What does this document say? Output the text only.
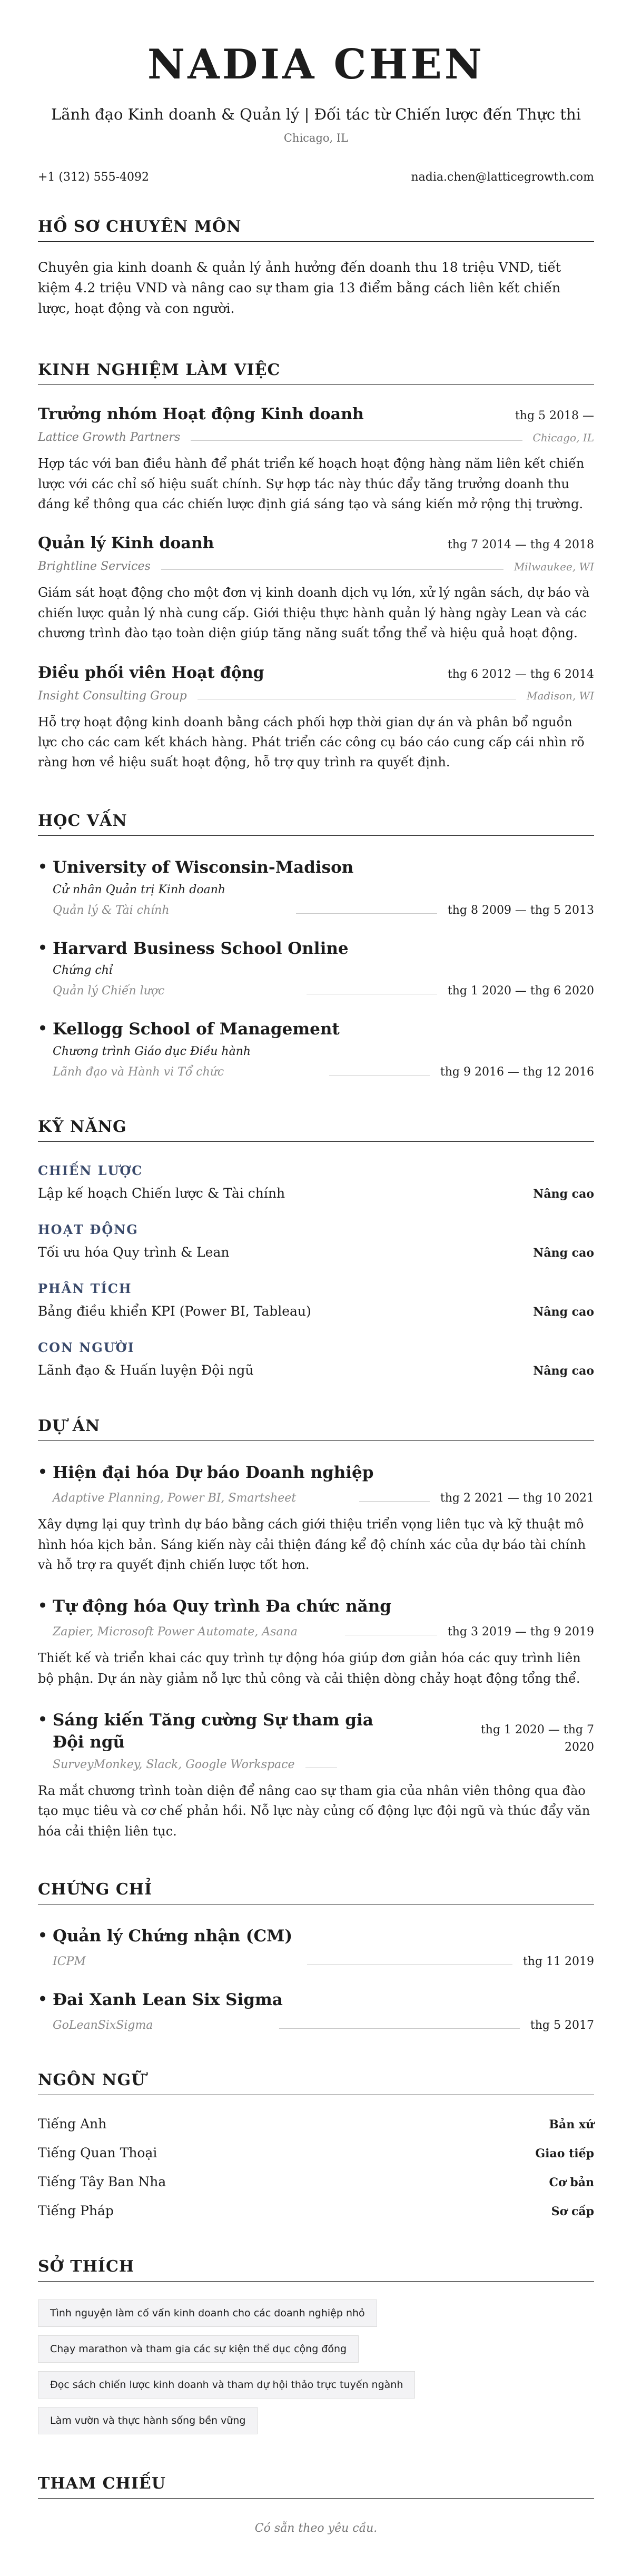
NADIA CHEN
Lãnh đạo Kinh doanh & Quản lý | Đối tác từ Chiến lược đến Thực thi
Chicago, IL
+1 (312) 555-4092	nadia.chen@latticegrowth.com
HỒ SƠ CHUYÊN MÔN
Chuyên gia kinh doanh & quản lý ảnh hưởng đến doanh thu 18 triệu VND, tiết kiệm 4.2 triệu VND và nâng cao sự tham gia 13 điểm bằng cách liên kết chiến lược, hoạt động và con người.
KINH NGHIỆM LÀM VIỆC
Trưởng nhóm Hoạt động Kinh doanh	thg 5 2018 —
Lattice Growth Partners	Chicago, IL
Hợp tác với ban điều hành để phát triển kế hoạch hoạt động hàng năm liên kết chiến lược với các chỉ số hiệu suất chính. Sự hợp tác này thúc đẩy tăng trưởng doanh thu đáng kể thông qua các chiến lược định giá sáng tạo và sáng kiến mở rộng thị trường.
Quản lý Kinh doanh	thg 7 2014 — thg 4 2018
Brightline Services	Milwaukee, WI
Giám sát hoạt động cho một đơn vị kinh doanh dịch vụ lớn, xử lý ngân sách, dự báo và chiến lược quản lý nhà cung cấp. Giới thiệu thực hành quản lý hàng ngày Lean và các chương trình đào tạo toàn diện giúp tăng năng suất tổng thể và hiệu quả hoạt động.
Điều phối viên Hoạt động	thg 6 2012 — thg 6 2014
Insight Consulting Group	Madison, WI
Hỗ trợ hoạt động kinh doanh bằng cách phối hợp thời gian dự án và phân bổ nguồn lực cho các cam kết khách hàng. Phát triển các công cụ báo cáo cung cấp cái nhìn rõ ràng hơn về hiệu suất hoạt động, hỗ trợ quy trình ra quyết định.
HỌC VẤN
• University of Wisconsin-Madison
Cử nhân Quản trị Kinh doanh
Quản lý & Tài chính	thg 8 2009 — thg 5 2013
• Harvard Business School Online
Chứng chỉ
Quản lý Chiến lược	thg 1 2020 — thg 6 2020
• Kellogg School of Management
Chương trình Giáo dục Điều hành
Lãnh đạo và Hành vi Tổ chức	thg 9 2016 — thg 12 2016
KỸ NĂNG
CHIẾN LƯỢC
Lập kế hoạch Chiến lược & Tài chính	Nâng cao
HOẠT ĐỘNG
Tối ưu hóa Quy trình & Lean	Nâng cao
PHÂN TÍCH
Bảng điều khiển KPI (Power BI, Tableau)	Nâng cao
CON NGƯỜI
Lãnh đạo & Huấn luyện Đội ngũ	Nâng cao
DỰ ÁN
• Hiện đại hóa Dự báo Doanh nghiệp
Adaptive Planning, Power BI, Smartsheet	thg 2 2021 — thg 10 2021
Xây dựng lại quy trình dự báo bằng cách giới thiệu triển vọng liên tục và kỹ thuật mô hình hóa kịch bản. Sáng kiến này cải thiện đáng kể độ chính xác của dự báo tài chính và hỗ trợ ra quyết định chiến lược tốt hơn.
• Tự động hóa Quy trình Đa chức năng
Zapier, Microsoft Power Automate, Asana	thg 3 2019 — thg 9 2019
Thiết kế và triển khai các quy trình tự động hóa giúp đơn giản hóa các quy trình liên bộ phận. Dự án này giảm nỗ lực thủ công và cải thiện dòng chảy hoạt động tổng thể.
• Sáng kiến Tăng cường Sự tham gia Đội ngũ
thg 1 2020 — thg 7 2020
SurveyMonkey, Slack, Google Workspace
Ra mắt chương trình toàn diện để nâng cao sự tham gia của nhân viên thông qua đào tạo mục tiêu và cơ chế phản hồi. Nỗ lực này củng cố động lực đội ngũ và thúc đẩy văn hóa cải thiện liên tục.
CHỨNG CHỈ
• Quản lý Chứng nhận (CM)
ICPM	thg 11 2019
• Đai Xanh Lean Six Sigma
GoLeanSixSigma	thg 5 2017
NGÔN NGỮ
Tiếng Anh	Bản xứ
Tiếng Quan Thoại	Giao tiếp
Tiếng Tây Ban Nha	Cơ bản
Tiếng Pháp	Sơ cấp
SỞ THÍCH
Tình nguyện làm cố vấn kinh doanh cho các doanh nghiệp nhỏ
Chạy marathon và tham gia các sự kiện thể dục cộng đồng
Đọc sách chiến lược kinh doanh và tham dự hội thảo trực tuyến ngành
Làm vườn và thực hành sống bền vững
THAM CHIẾU
Có sẵn theo yêu cầu.
